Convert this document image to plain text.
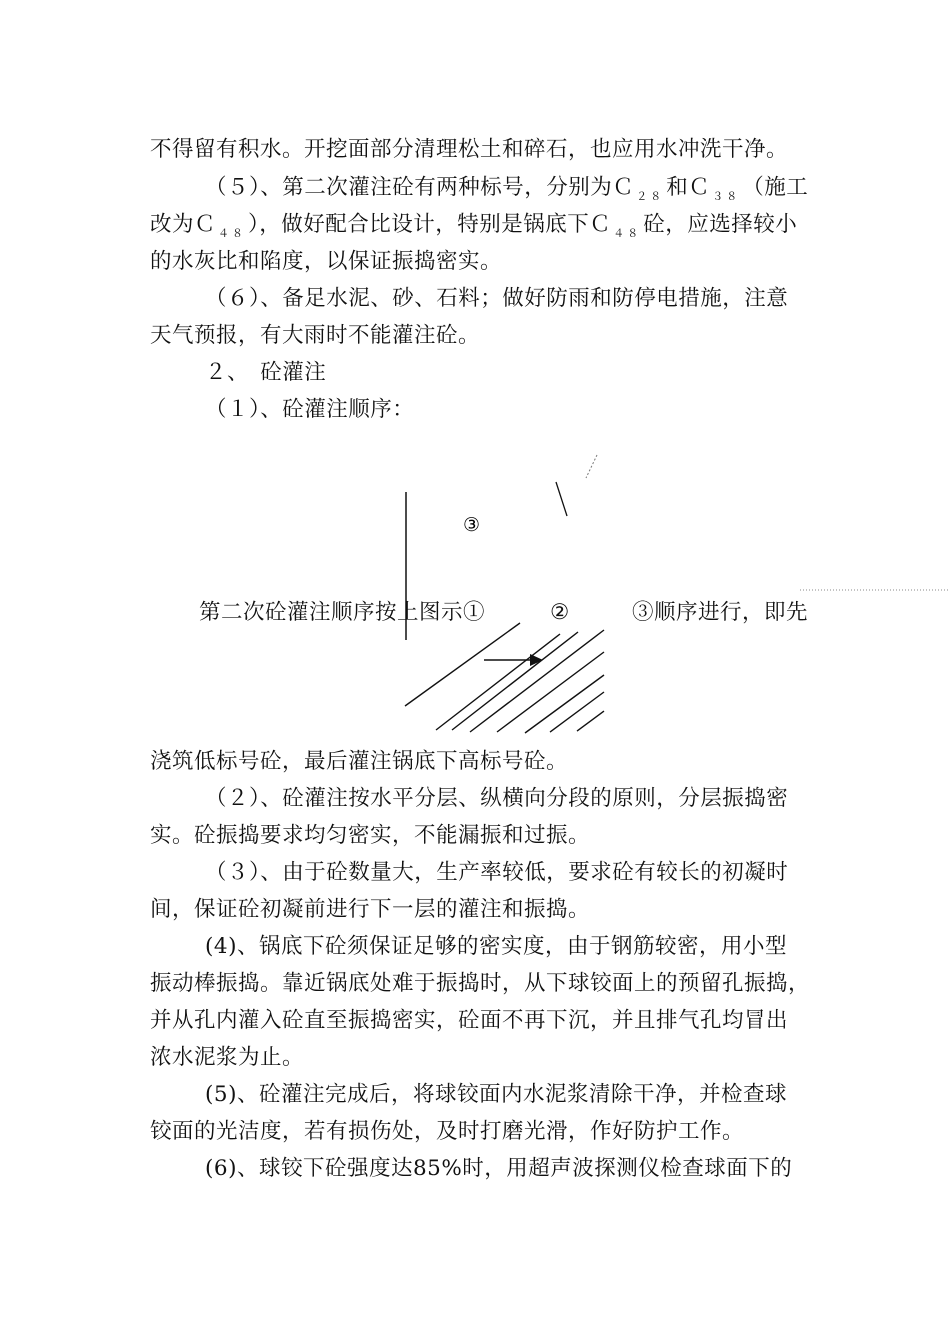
不得留有积水。开挖面部分清理松土和碎石，也应用水冲洗干净。
（５）、第二次灌注砼有两种标号，分别为Ｃ $_{28}$和Ｃ $_{38}$（施工
改为Ｃ $_{48}$），做好配合比设计，特别是锅底下Ｃ $_{48}$砼，应选择较小
的水灰比和陷度，以保证振捣密实。
（６）、备足水泥、砂、石料；做好防雨和防停电措施，注意
天气预报，有大雨时不能灌注砼。
２、　砼灌注
（１）、砼灌注顺序：
③
第二次砼灌注顺序按上图示①	②	③顺序进行，即先
浇筑低标号砼，最后灌注锅底下高标号砼。
（２）、砼灌注按水平分层、纵横向分段的原则，分层振捣密
实。砼振捣要求均匀密实，不能漏振和过振。
（３）、由于砼数量大，生产率较低，要求砼有较长的初凝时
间，保证砼初凝前进行下一层的灌注和振捣。
(4)、锅底下砼须保证足够的密实度，由于钢筋较密，用小型
振动棒振捣。靠近锅底处难于振捣时，从下球铰面上的预留孔振捣，
并从孔内灌入砼直至振捣密实，砼面不再下沉，并且排气孔均冒出
浓水泥浆为止。
(5)、砼灌注完成后，将球铰面内水泥浆清除干净，并检查球
铰面的光洁度，若有损伤处，及时打磨光滑，作好防护工作。
(6)、球铰下砼强度达85%时，用超声波探测仪检查球面下的
